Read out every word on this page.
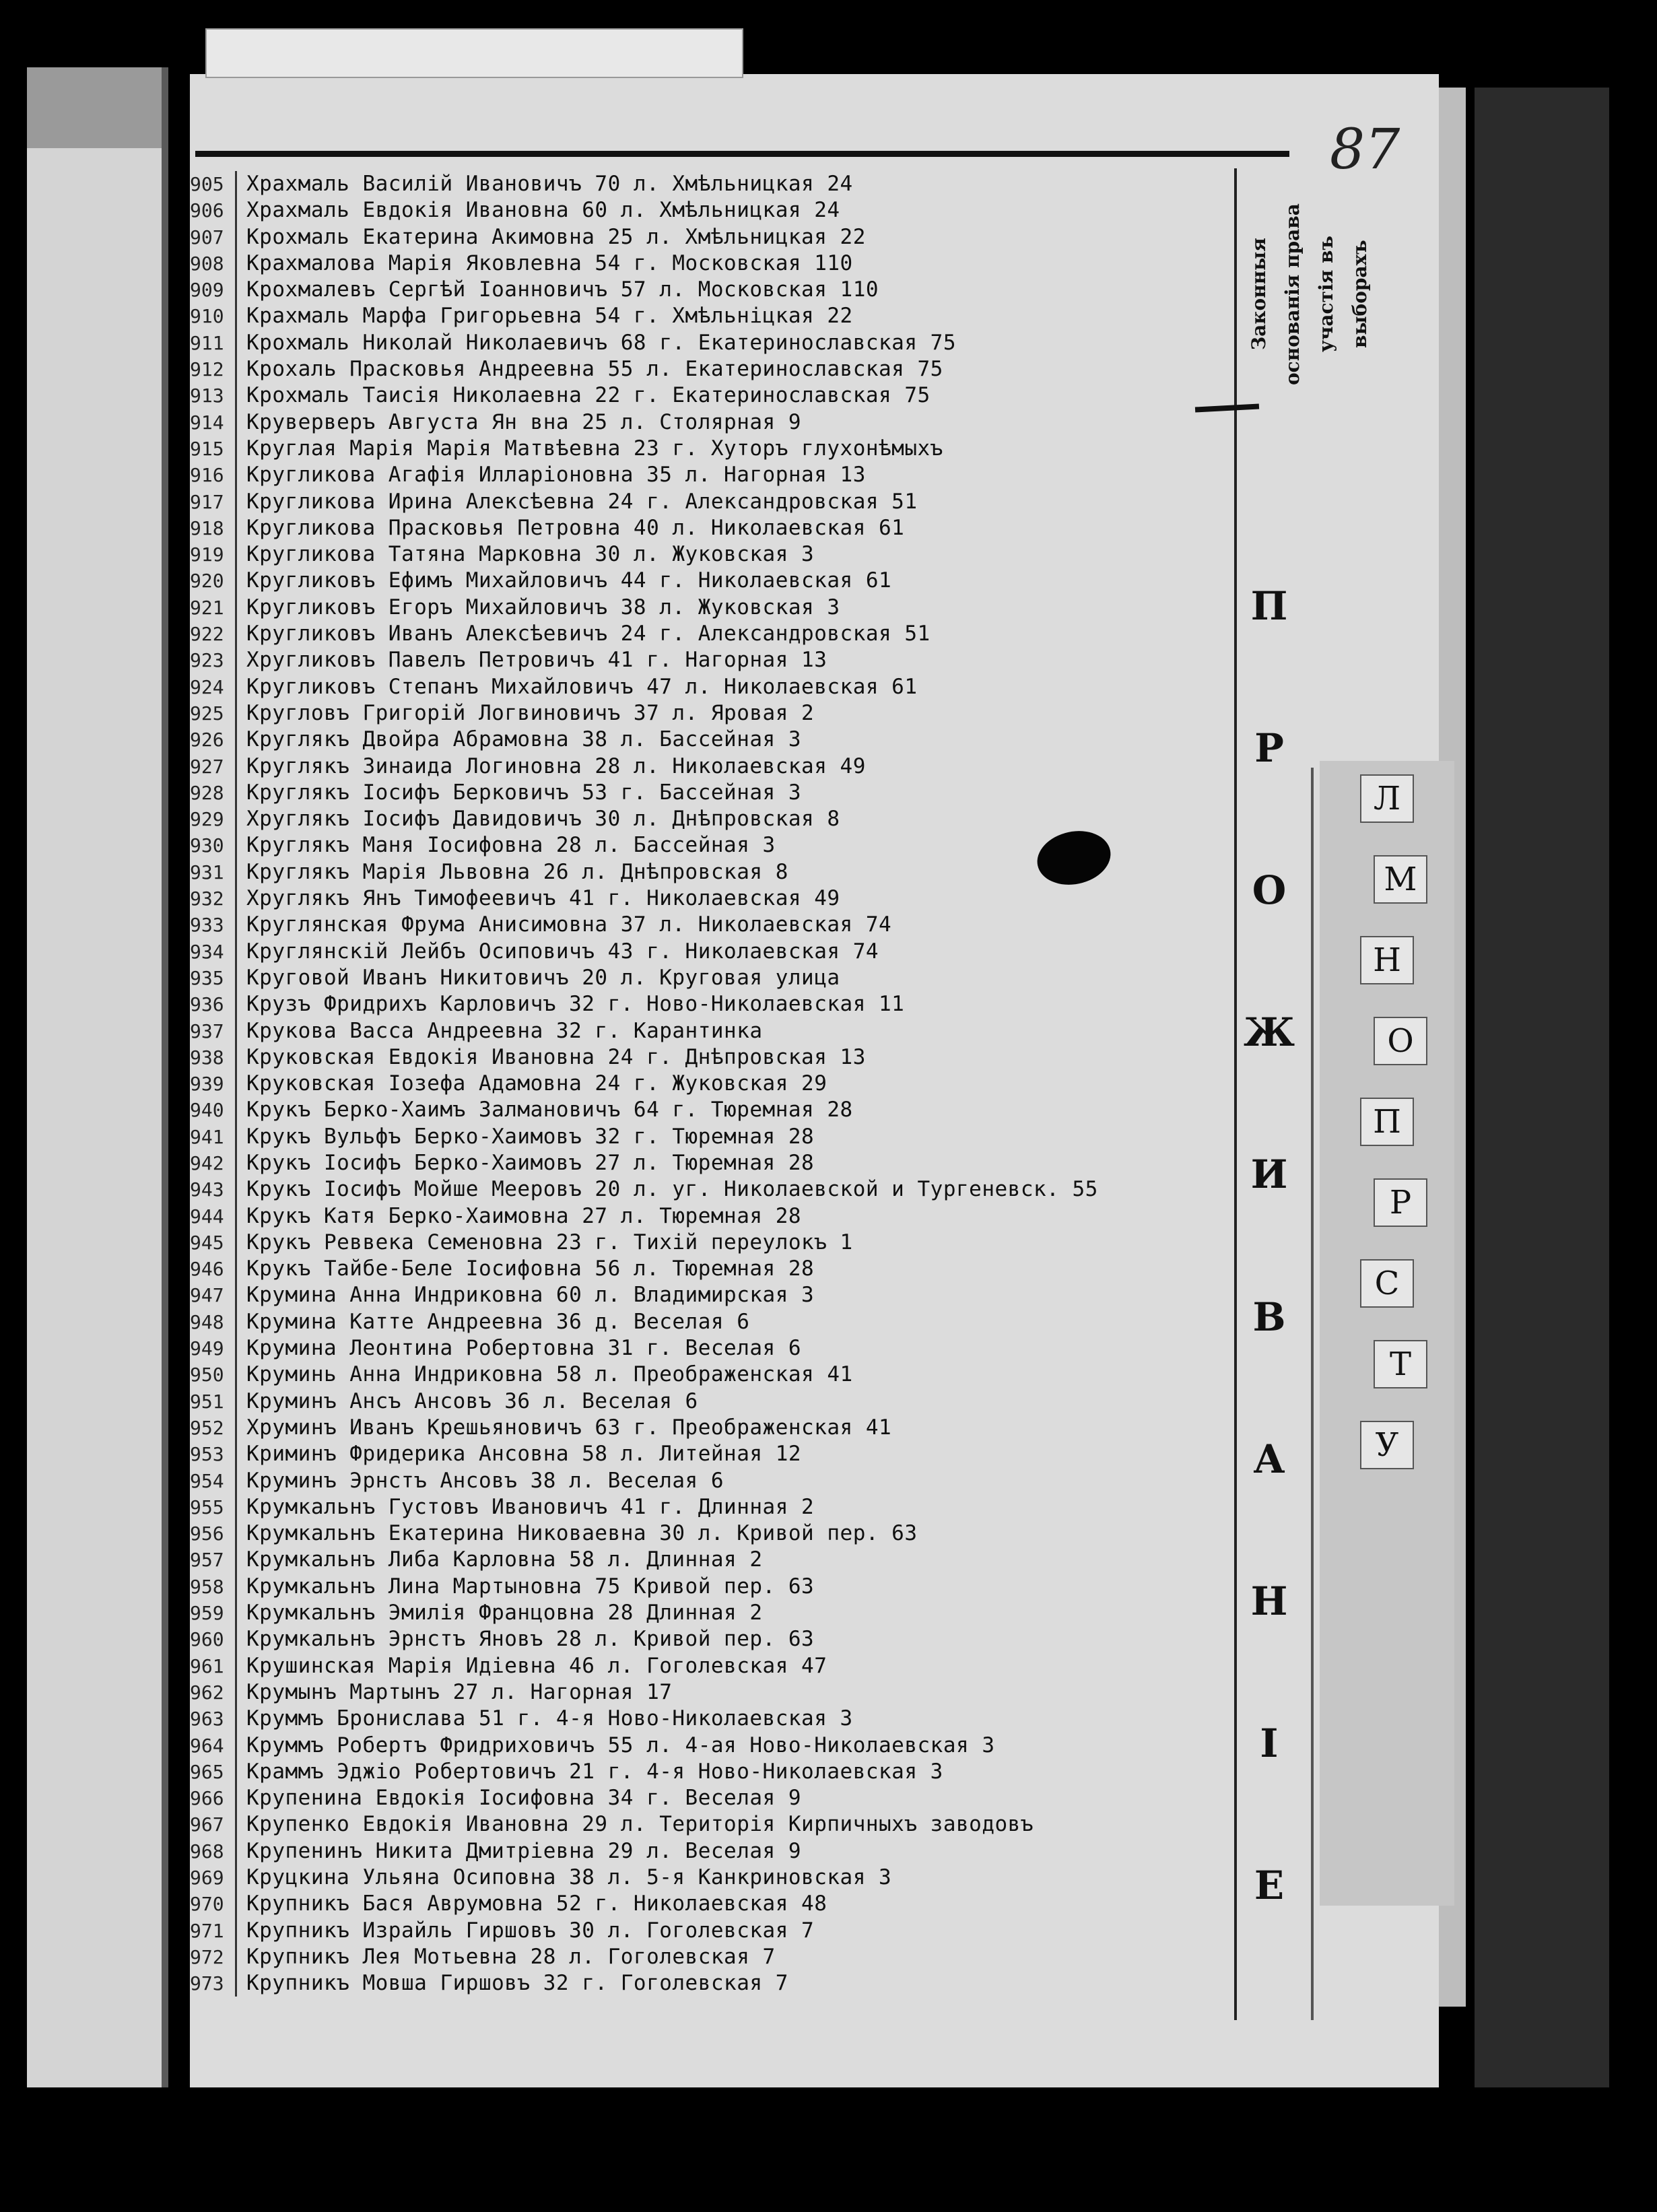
87
Законныя основанія права участія въ выборахъ
П
Р
О
Ж
И
В
А
Н
І
Е
Л
М
Н
О
П
Р
С
Т
У
905	Храхмаль Василій Ивановичъ 70 л. Хмѣльницкая 24
906	Храхмаль Евдокія Ивановна 60 л. Хмѣльницкая 24
907	Крохмаль Екатерина Акимовна 25 л. Хмѣльницкая 22
908	Крахмалова Марія Яковлевна 54 г. Московская 110
909	Крохмалевъ Сергѣй Іоанновичъ 57 л. Московская 110
910	Крахмаль Марфа Григорьевна 54 г. Хмѣльнiцкая 22
911	Крохмаль Николай Николаевичъ 68 г. Екатеринославская 75
912	Крохаль Прасковья Андреевна 55 л. Екатеринославская 75
913	Крохмаль Таисія Николаевна 22 г. Екатеринославская 75
914	Круверверъ Августа Ян вна 25 л. Столярная 9
915	Круглая Марія Марія Матвѣевна 23 г. Хуторъ глухонѣмыхъ
916	Кругликова Агафія Илларіоновна 35 л. Нагорная 13
917	Кругликова Ирина Алексѣевна 24 г. Александровская 51
918	Кругликова Прасковья Петровна 40 л. Николаевская 61
919	Кругликова Татяна Марковна 30 л. Жуковская 3
920	Кругликовъ Ефимъ Михайловичъ 44 г. Николаевская 61
921	Кругликовъ Егоръ Михайловичъ 38 л. Жуковская 3
922	Кругликовъ Иванъ Алексѣевичъ 24 г. Александровская 51
923	Хругликовъ Павелъ Петровичъ 41 г. Нагорная 13
924	Кругликовъ Степанъ Михайловичъ 47 л. Николаевская 61
925	Кругловъ Григорій Логвиновичъ 37 л. Яровая 2
926	Круглякъ Двойра Абрамовна 38 л. Бассейная 3
927	Круглякъ Зинаида Логиновна 28 л. Николаевская 49
928	Круглякъ Іосифъ Берковичъ 53 г. Бассейная 3
929	Хруглякъ Іосифъ Давидовичъ 30 л. Днѣпровская 8
930	Круглякъ Маня Іосифовна 28 л. Бассейная 3
931	Круглякъ Марія Львовна 26 л. Днѣпровская 8
932	Хруглякъ Янъ Тимофеевичъ 41 г. Николаевская 49
933	Круглянская Фрума Анисимовна 37 л. Николаевская 74
934	Круглянскій Лейбъ Осиповичъ 43 г. Николаевская 74
935	Круговой Иванъ Никитовичъ 20 л. Круговая улица
936	Крузъ Фридрихъ Карловичъ 32 г. Ново-Николаевская 11
937	Крукова Васса Андреевна 32 г. Карантинка
938	Круковская Евдокія Ивановна 24 г. Днѣпровская 13
939	Круковская Іозефа Адамовна 24 г. Жуковская 29
940	Крукъ Берко-Хаимъ Залмановичъ 64 г. Тюремная 28
941	Крукъ Вульфъ Берко-Хаимовъ 32 г. Тюремная 28
942	Крукъ Іосифъ Берко-Хаимовъ 27 л. Тюремная 28
943	Крукъ Іосифъ Мойше Мееровъ 20 л. уг. Николаевской и Тургеневск. 55
944	Крукъ Катя Берко-Хаимовна 27 л. Тюремная 28
945	Крукъ Реввека Семеновна 23 г. Тихій переулокъ 1
946	Крукъ Тайбе-Беле Іосифовна 56 л. Тюремная 28
947	Крумина Анна Индриковна 60 л. Владимирская 3
948	Крумина Катте Андреевна 36 д. Веселая 6
949	Крумина Леонтина Робертовна 31 г. Веселая 6
950	Круминь Анна Индриковна 58 л. Преображенская 41
951	Круминъ Ансъ Ансовъ 36 л. Веселая 6
952	Хруминъ Иванъ Крешьяновичъ 63 г. Преображенская 41
953	Криминъ Фридерика Ансовна 58 л. Литейная 12
954	Круминъ Эрнстъ Ансовъ 38 л. Веселая 6
955	Крумкальнъ Густовъ Ивановичъ 41 г. Длинная 2
956	Крумкальнъ Екатерина Никоваевна 30 л. Кривой пер. 63
957	Крумкальнъ Либа Карловна 58 л. Длинная 2
958	Крумкальнъ Лина Мартыновна 75 Кривой пер. 63
959	Крумкальнъ Эмилія Францовна 28 Длинная 2
960	Крумкальнъ Эрнстъ Яновъ 28 л. Кривой пер. 63
961	Крушинская Марія Идіевна 46 л. Гоголевская 47
962	Крумынъ Мартынъ 27 л. Нагорная 17
963	Круммъ Брониславa 51 г. 4-я Ново-Николаевская 3
964	Круммъ Робертъ Фридриховичъ 55 л. 4-ая Ново-Николаевская 3
965	Краммъ Эджіо Робертовичъ 21 г. 4-я Ново-Николаевская 3
966	Крупенина Евдокія Іосифовна 34 г. Веселая 9
967	Крупенко Евдокія Ивановна 29 л. Територія Кирпичныхъ заводовъ
968	Крупенинъ Никита Дмитріевна 29 л. Веселая 9
969	Круцкина Ульяна Осиповна 38 л. 5-я Канкриновская 3
970	Крупникъ Бася Аврумовна 52 г. Николаевская 48
971	Крупникъ Израйль Гиршовъ 30 л. Гоголевская 7
972	Крупникъ Лея Мотьевна 28 л. Гоголевская 7
973	Крупникъ Мовша Гиршовъ 32 г. Гоголевская 7
